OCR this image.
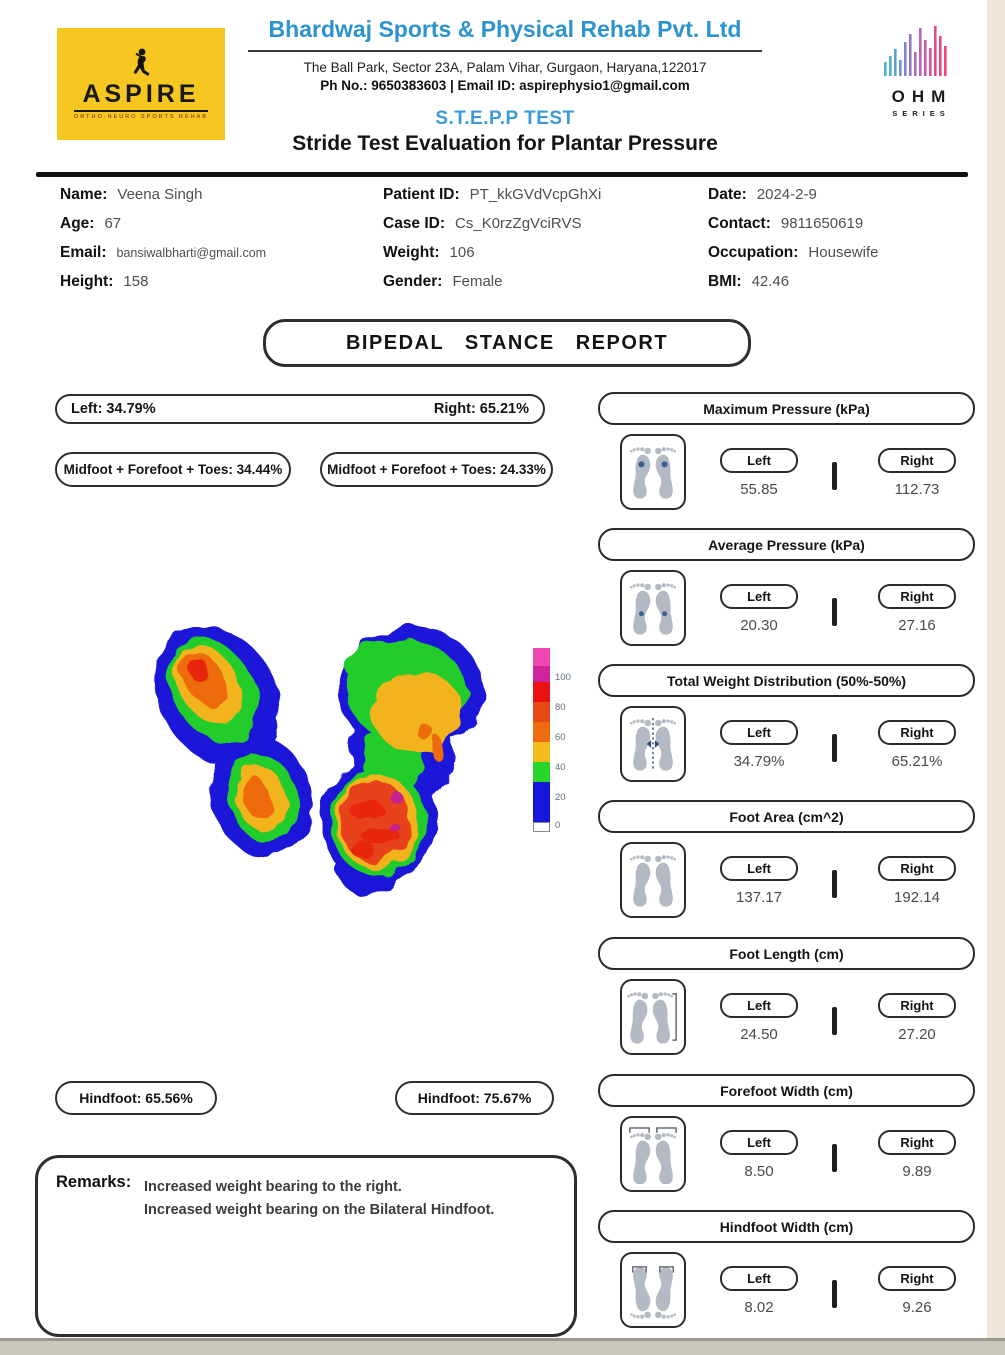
ASPIRE
ORTHO-NEURO SPORTS REHAB
Bhardwaj Sports & Physical Rehab Pvt. Ltd
The Ball Park, Sector 23A, Palam Vihar, Gurgaon, Haryana,122017
Ph No.: 9650383603 | Email ID: aspirephysio1@gmail.com
S.T.E.P.P TEST
Stride Test Evaluation for Plantar Pressure
OHM
SERIES
Name: Veena Singh
Age: 67
Email: bansiwalbharti@gmail.com
Height: 158
Patient ID: PT_kkGVdVcpGhXi
Case ID: Cs_K0rzZgVciRVS
Weight: 106
Gender: Female
Date: 2024-2-9
Contact: 9811650619
Occupation: Housewife
BMI: 42.46
BIPEDAL STANCE REPORT
Left: 34.79%	Right: 65.21%
Midfoot + Forefoot + Toes: 34.44%	Midfoot + Forefoot + Toes: 24.33%
Hindfoot: 65.56%	Hindfoot: 75.67%
100
80
60
40
20
0
Maximum Pressure (kPa)
Left
55.85
Right
112.73
Average Pressure (kPa)
Left
20.30
Right
27.16
Total Weight Distribution (50%-50%)
Left
34.79%
Right
65.21%
Foot Area (cm^2)
Left
137.17
Right
192.14
Foot Length (cm)
Left
24.50
Right
27.20
Forefoot Width (cm)
Left
8.50
Right
9.89
Hindfoot Width (cm)
Left
8.02
Right
9.26
Remarks: Increased weight bearing to the right.
Increased weight bearing on the Bilateral Hindfoot.
